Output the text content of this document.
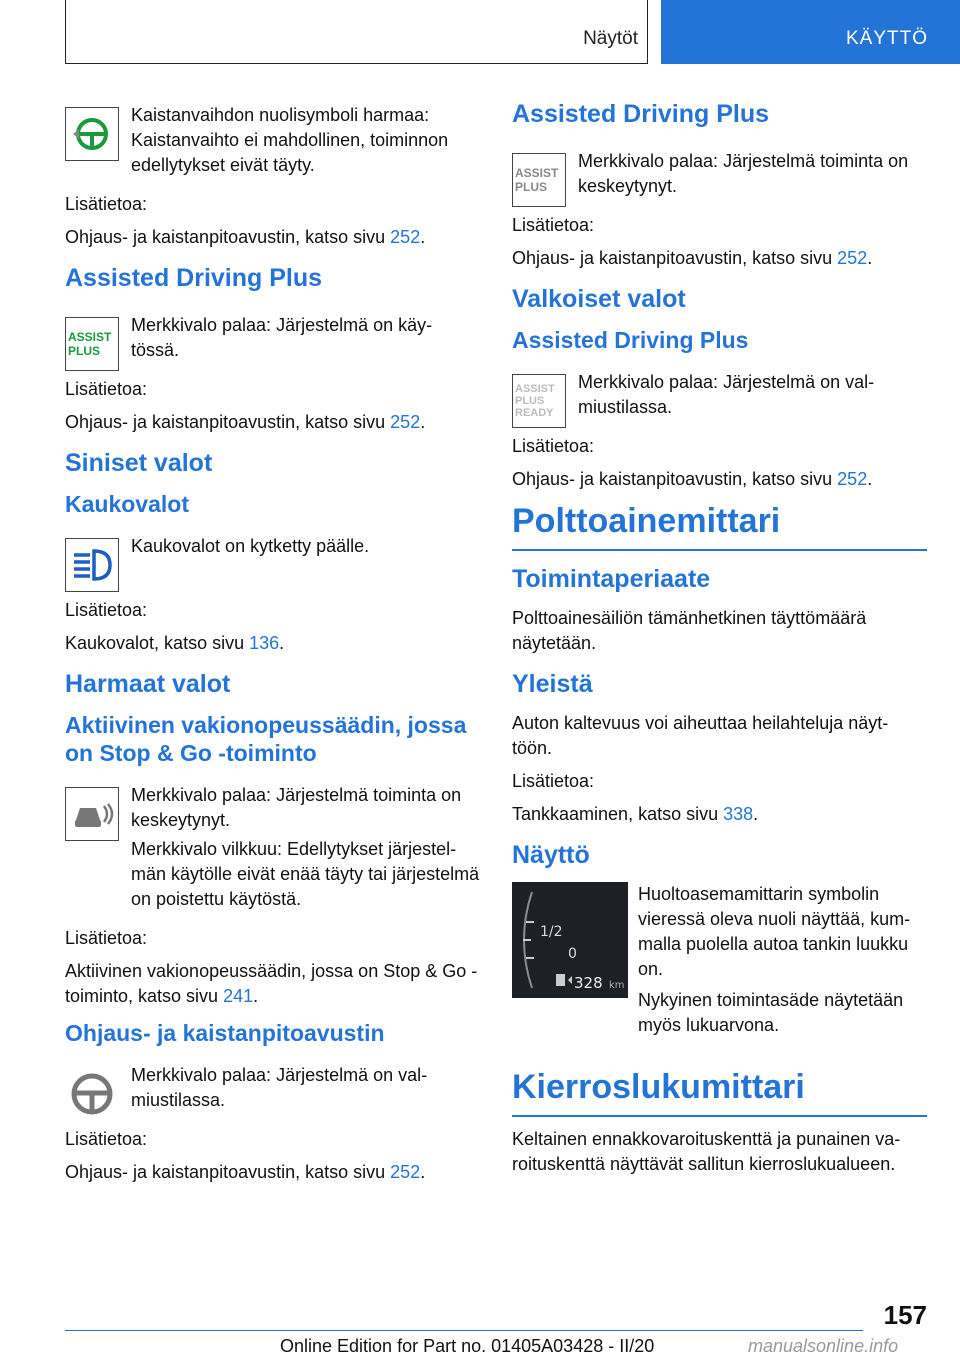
Näytöt	KÄYTTÖ
Kaistanvaihdon nuolisymboli harmaa: Kaistanvaihto ei mahdollinen, toiminnon edellytykset eivät täyty.

Lisätietoa:

Ohjaus- ja kaistanpitoavustin, katso sivu 252.

Assisted Driving Plus
ASSIST PLUS
Merkkivalo palaa: Järjestelmä on käy- tössä.

Lisätietoa:

Ohjaus- ja kaistanpitoavustin, katso sivu 252.

Siniset valot
Kaukovalot
Kaukovalot on kytketty päälle.

Lisätietoa:

Kaukovalot, katso sivu 136.

Harmaat valot
Aktiivinen vakionopeussäädin, jossa on Stop & Go -toiminto
Merkkivalo palaa: Järjestelmä toiminta on keskeytynyt.

Merkkivalo vilkkuu: Edellytykset järjestel- män käytölle eivät enää täyty tai järjestelmä on poistettu käytöstä.

Lisätietoa:

Aktiivinen vakionopeussäädin, jossa on Stop & Go -toiminto, katso sivu 241.

Ohjaus- ja kaistanpitoavustin
Merkkivalo palaa: Järjestelmä on val- miustilassa.

Lisätietoa:

Ohjaus- ja kaistanpitoavustin, katso sivu 252.

Assisted Driving Plus
ASSIST PLUS
Merkkivalo palaa: Järjestelmä toiminta on keskeytynyt.

Lisätietoa:

Ohjaus- ja kaistanpitoavustin, katso sivu 252.

Valkoiset valot
Assisted Driving Plus
ASSIST PLUS READY
Merkkivalo palaa: Järjestelmä on val- miustilassa.

Lisätietoa:

Ohjaus- ja kaistanpitoavustin, katso sivu 252.

Polttoainemittari
Toimintaperiaate

Polttoainesäiliön tämänhetkinen täyttömäärä näytetään.

Yleistä

Auton kaltevuus voi aiheuttaa heilahteluja näyt- töön.

Lisätietoa:

Tankkaaminen, katso sivu 338.

Näyttö
1/2
0
328 km
Huoltoasemamittarin symbolin vieressä oleva nuoli näyttää, kum- malla puolella autoa tankin luukku on.
Nykyinen toimintasäde näytetään myös lukuarvona.
Kierroslukumittari

Keltainen ennakkovaroituskenttä ja punainen va- roituskenttä näyttävät sallitun kierroslukualueen.

157
Online Edition for Part no. 01405A03428 - II/20	manualsonline.info
